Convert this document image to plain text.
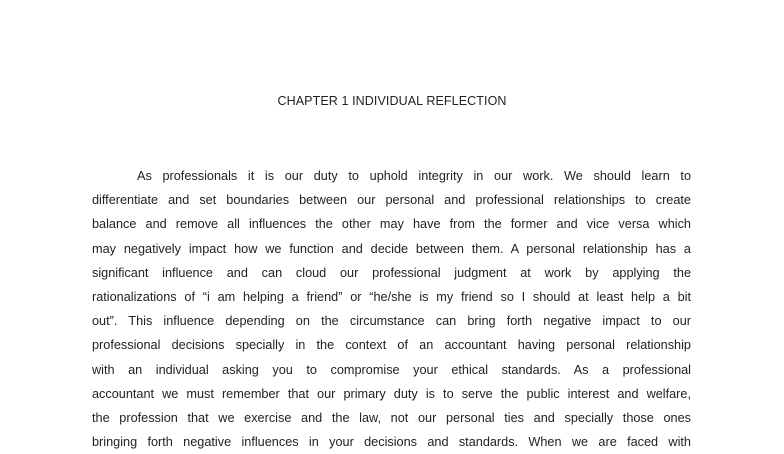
CHAPTER 1 INDIVIDUAL REFLECTION
As professionals it is our duty to uphold integrity in our work. We should learn to
differentiate and set boundaries between our personal and professional relationships to create
balance and remove all influences the other may have from the former and vice versa which
may negatively impact how we function and decide between them. A personal relationship has a
significant influence and can cloud our professional judgment at work by applying the
rationalizations of “i am helping a friend” or “he/she is my friend so I should at least help a bit
out”. This influence depending on the circumstance can bring forth negative impact to our
professional decisions specially in the context of an accountant having personal relationship
with an individual asking you to compromise your ethical standards. As a professional
accountant we must remember that our primary duty is to serve the public interest and welfare,
the profession that we exercise and the law, not our personal ties and specially those ones
bringing forth negative influences in your decisions and standards. When we are faced with
